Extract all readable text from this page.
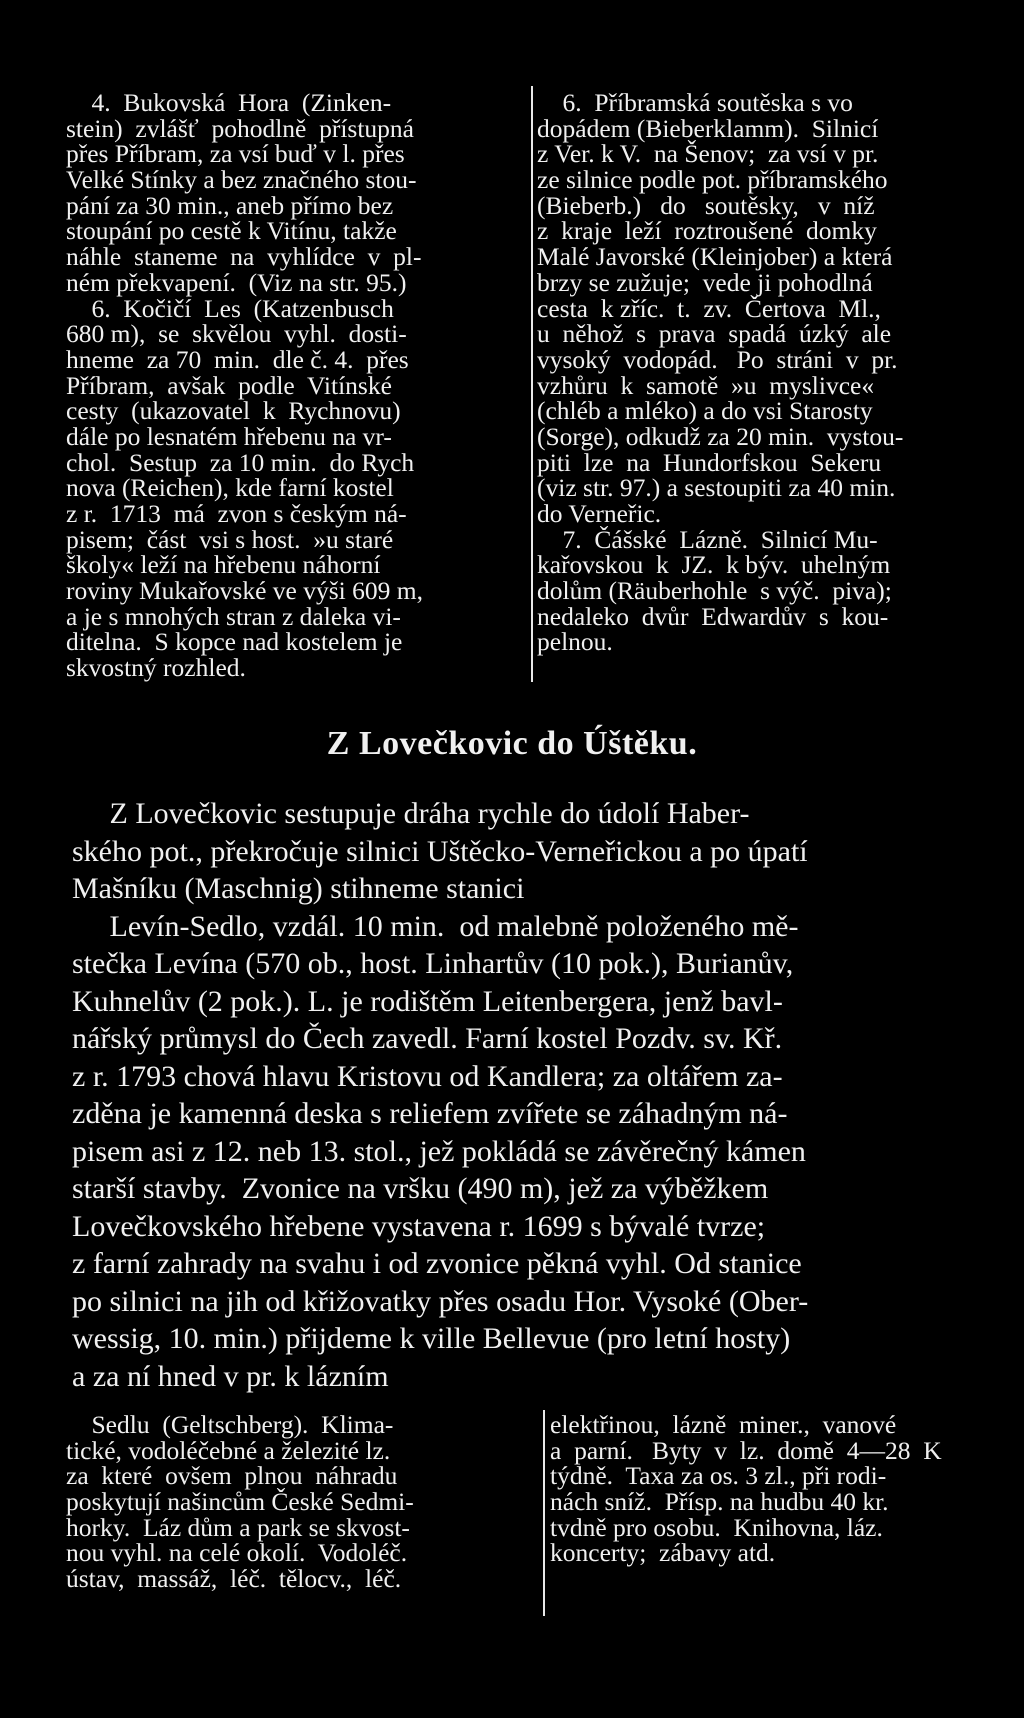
4.  Bukovská  Hora  (Zinken-
stein)  zvlášť  pohodlně  přístupná
přes Příbram, za vsí buď v l. přes
Velké Stínky a bez značného stou-
pání za 30 min., aneb přímo bez
stoupání po cestě k Vitínu, takže
náhle  staneme  na  vyhlídce  v  pl-
ném překvapení.  (Viz na str. 95.)
6.  Kočičí  Les  (Katzenbusch
680 m),  se  skvělou  vyhl.  dosti-
hneme  za 70  min.  dle č. 4.  přes
Příbram,  avšak  podle  Vitínské
cesty  (ukazovatel  k  Rychnovu)
dále po lesnatém hřebenu na vr-
chol.  Sestup  za 10 min.  do Rych
nova (Reichen), kde farní kostel
z r.  1713  má  zvon s českým ná-
pisem;  část  vsi s host.  »u staré
školy« leží na hřebenu náhorní
roviny Mukařovské ve výši 609 m,
a je s mnohých stran z daleka vi-
ditelna.  S kopce nad kostelem je
skvostný rozhled.
6.  Příbramská soutěska s vo
dopádem (Bieberklamm).  Silnicí
z Ver. k V.  na Šenov;  za vsí v pr.
ze silnice podle pot. příbramského
(Bieberb.)   do   soutěsky,   v  níž
z  kraje  leží  roztroušené  domky
Malé Javorské (Kleinjober) a která
brzy se zužuje;  vede ji pohodlná
cesta  k zříc.  t.  zv.  Čertova  Ml.,
u  něhož  s  prava  spadá  úzký  ale
vysoký  vodopád.   Po  stráni  v  pr.
vzhůru  k  samotě  »u  myslivce«
(chléb a mléko) a do vsi Starosty
(Sorge), odkudž za 20 min.  vystou-
piti  lze  na  Hundorfskou  Sekeru
(viz str. 97.) a sestoupiti za 40 min.
do Verneřic.
7.  Čášské  Lázně.  Silnicí Mu-
kařovskou  k  JZ.  k býv.  uhelným
dolům (Räuberhohle  s výč.  piva);
nedaleko  dvůr  Edwardův  s  kou-
pelnou.
Z Lovečkovic do Úštěku.
Z Lovečkovic sestupuje dráha rychle do údolí Haber-
ského pot., překročuje silnici Uštěcko-Verneřickou a po úpatí
Mašníku (Maschnig) stihneme stanici
Levín-Sedlo, vzdál. 10 min.  od malebně položeného mě-
stečka Levína (570 ob., host. Linhartův (10 pok.), Burianův,
Kuhnelův (2 pok.). L. je rodištěm Leitenbergera, jenž bavl-
nářský průmysl do Čech zavedl. Farní kostel Pozdv. sv. Kř.
z r. 1793 chová hlavu Kristovu od Kandlera; za oltářem za-
zděna je kamenná deska s reliefem zvířete se záhadným ná-
pisem asi z 12. neb 13. stol., jež pokládá se závěrečný kámen
starší stavby.  Zvonice na vršku (490 m), jež za výběžkem
Lovečkovského hřebene vystavena r. 1699 s bývalé tvrze;
z farní zahrady na svahu i od zvonice pěkná vyhl. Od stanice
po silnici na jih od křižovatky přes osadu Hor. Vysoké (Ober-
wessig, 10. min.) přijdeme k ville Bellevue (pro letní hosty)
a za ní hned v pr. k lázním
Sedlu  (Geltschberg).  Klima-
tické, vodoléčebné a železité lz.
za  které  ovšem  plnou  náhradu
poskytují našincům České Sedmi-
horky.  Láz dům a park se skvost-
nou vyhl. na celé okolí.  Vodoléč.
ústav,  massáž,  léč.  tělocv.,  léč.
elektřinou,  lázně  miner.,  vanové
a  parní.   Byty  v  lz.  domě  4—28  K
týdně.  Taxa za os. 3 zl., při rodi-
nách sníž.  Přísp. na hudbu 40 kr.
tvdně pro osobu.  Knihovna, láz.
koncerty;  zábavy atd.
